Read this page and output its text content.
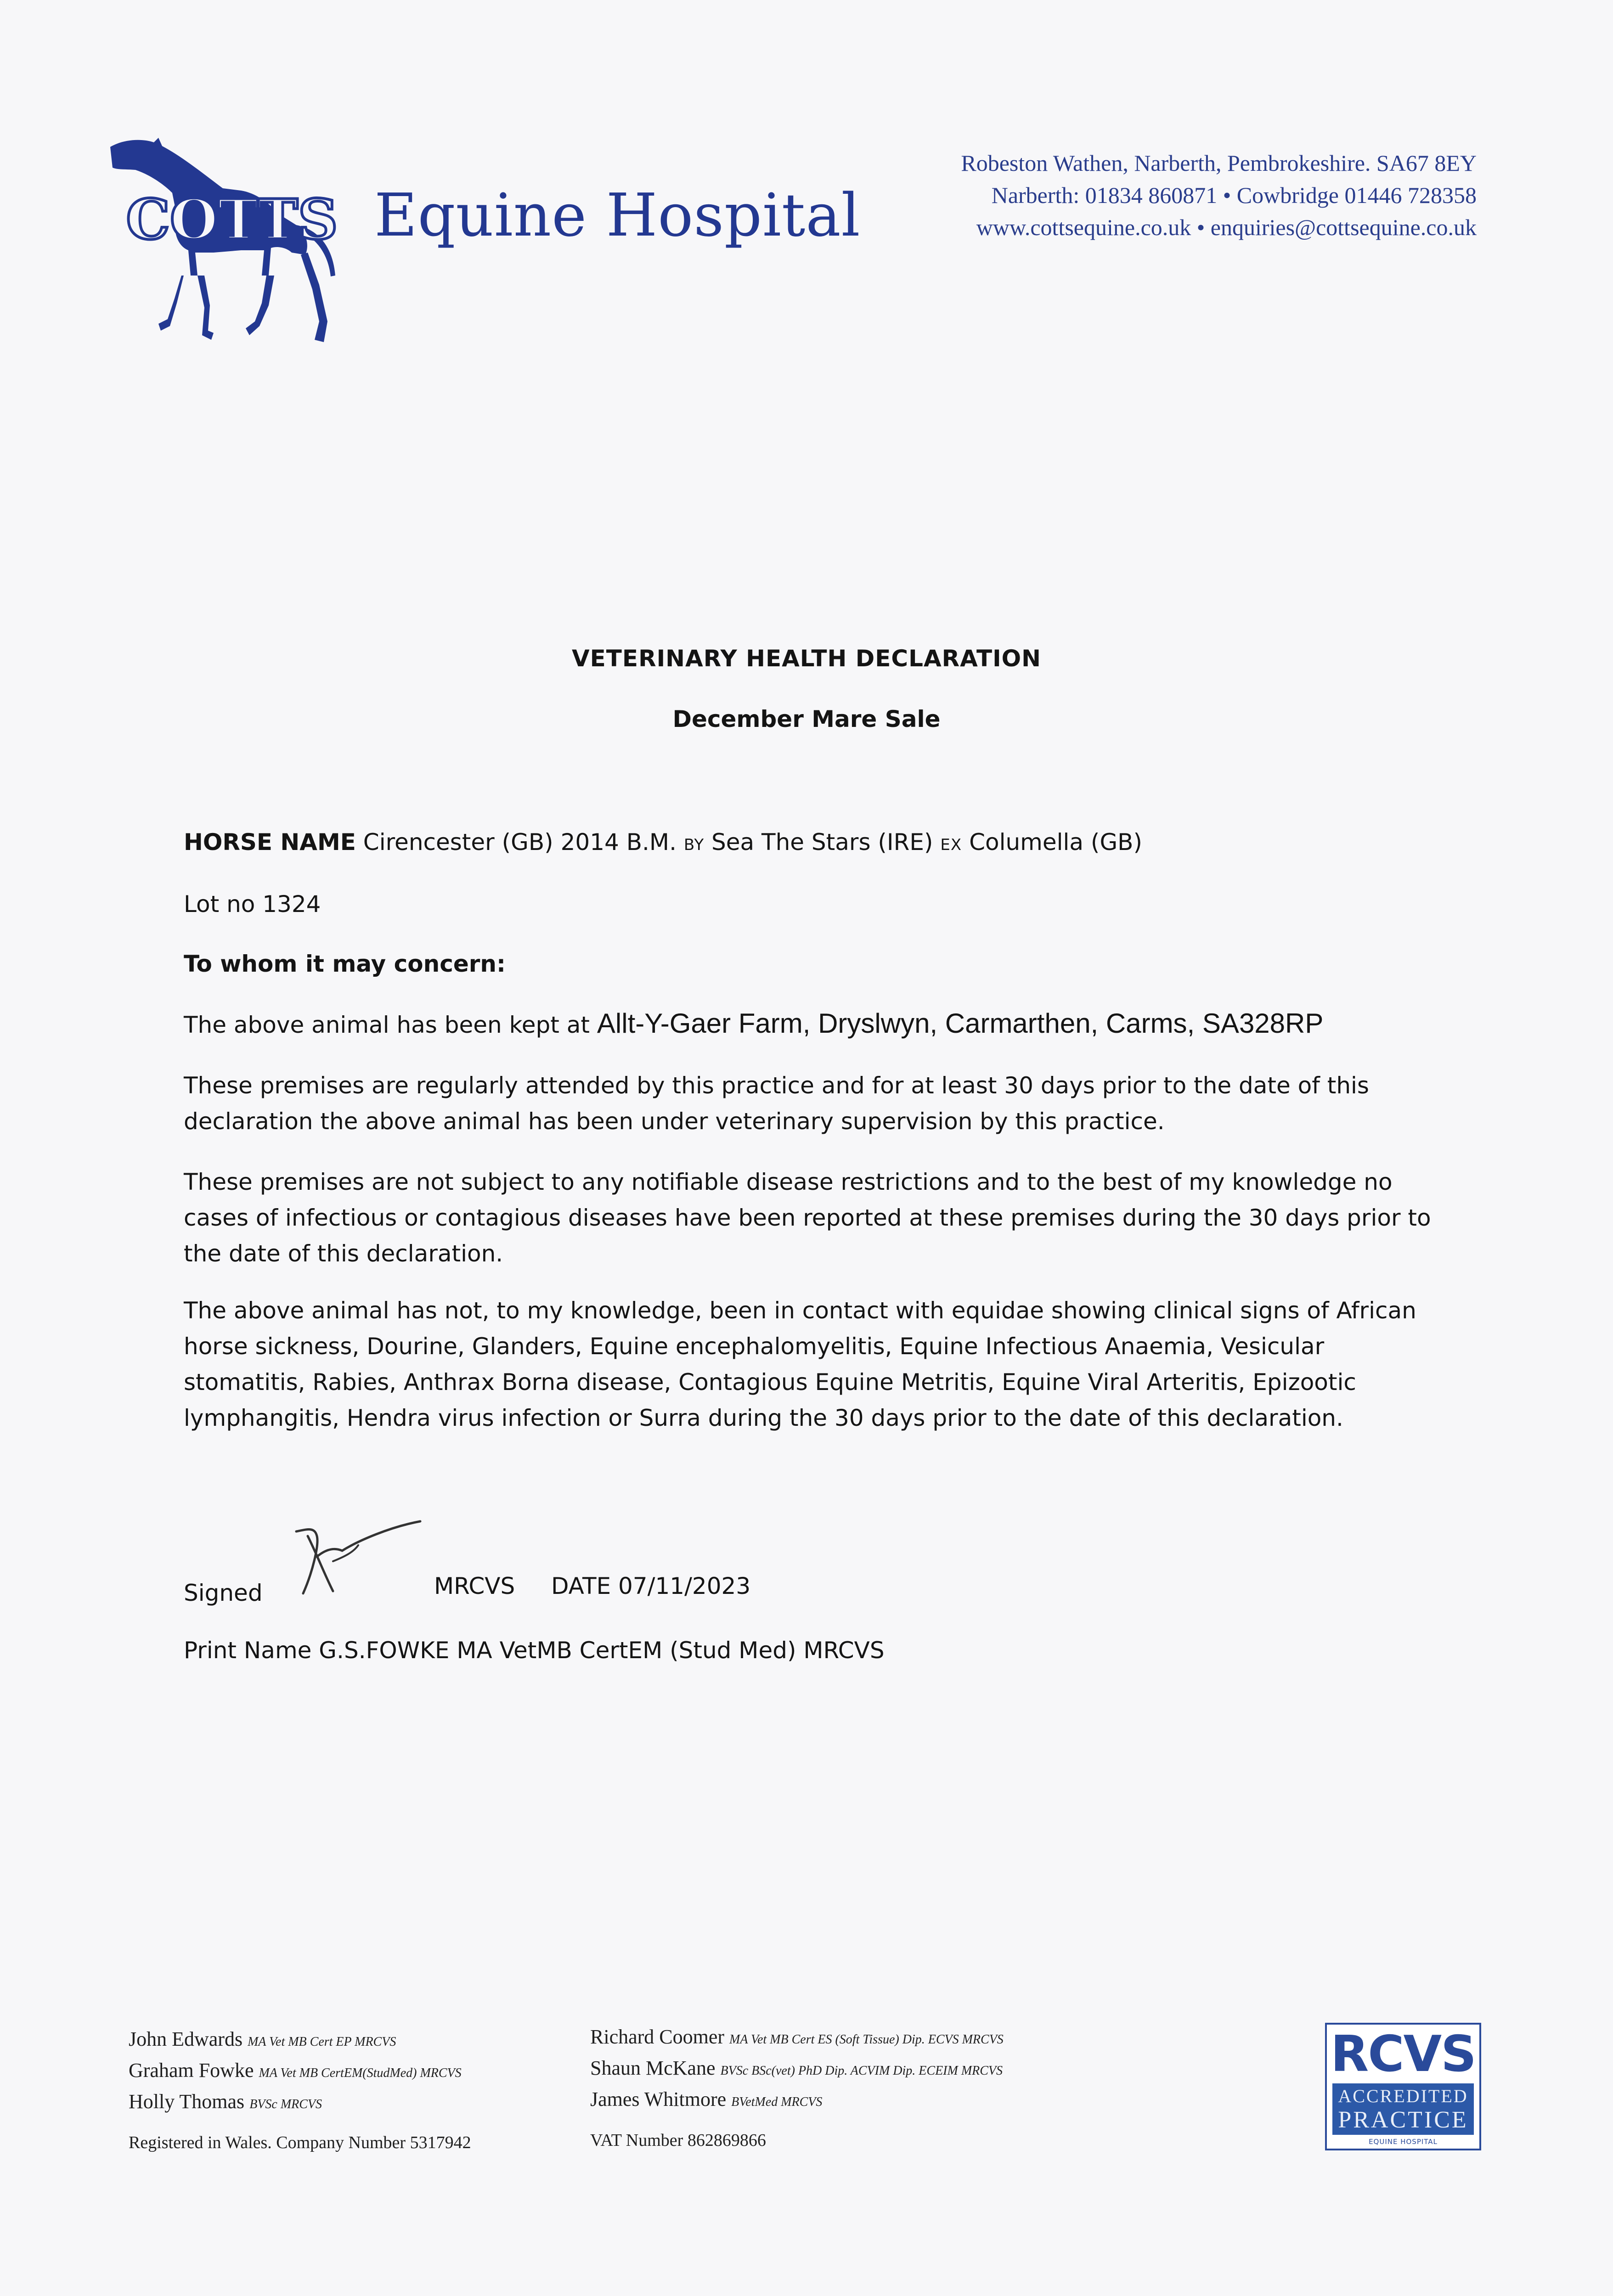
COTTS Equine Hospital
Robeston Wathen, Narberth, Pembrokeshire. SA67 8EY
Narberth: 01834 860871 • Cowbridge 01446 728358
www.cottsequine.co.uk • enquiries@cottsequine.co.uk
VETERINARY HEALTH DECLARATION
December Mare Sale
HORSE NAME Cirencester (GB) 2014 B.M. BY Sea The Stars (IRE) EX Columella (GB)
Lot no 1324
To whom it may concern:
The above animal has been kept at Allt-Y-Gaer Farm, Dryslwyn, Carmarthen, Carms, SA328RP
These premises are regularly attended by this practice and for at least 30 days prior to the date of this declaration the above animal has been under veterinary supervision by this practice.
These premises are not subject to any notifiable disease restrictions and to the best of my knowledge no cases of infectious or contagious diseases have been reported at these premises during the 30 days prior to the date of this declaration.
The above animal has not, to my knowledge, been in contact with equidae showing clinical signs of African horse sickness, Dourine, Glanders, Equine encephalomyelitis, Equine Infectious Anaemia, Vesicular stomatitis, Rabies, Anthrax Borna disease, Contagious Equine Metritis, Equine Viral Arteritis, Epizootic lymphangitis, Hendra virus infection or Surra during the 30 days prior to the date of this declaration.
Signed	MRCVS DATE 07/11/2023
Print Name G.S.FOWKE MA VetMB CertEM (Stud Med) MRCVS
John Edwards MA Vet MB Cert EP MRCVS
Graham Fowke MA Vet MB CertEM(StudMed) MRCVS
Holly Thomas BVSc MRCVS
Richard Coomer MA Vet MB Cert ES (Soft Tissue) Dip. ECVS MRCVS
Shaun McKane BVSc BSc(vet) PhD Dip. ACVIM Dip. ECEIM MRCVS
James Whitmore BVetMed MRCVS
Registered in Wales. Company Number 5317942	VAT Number 862869866
RCVS
ACCREDITED
PRACTICE
EQUINE HOSPITAL
